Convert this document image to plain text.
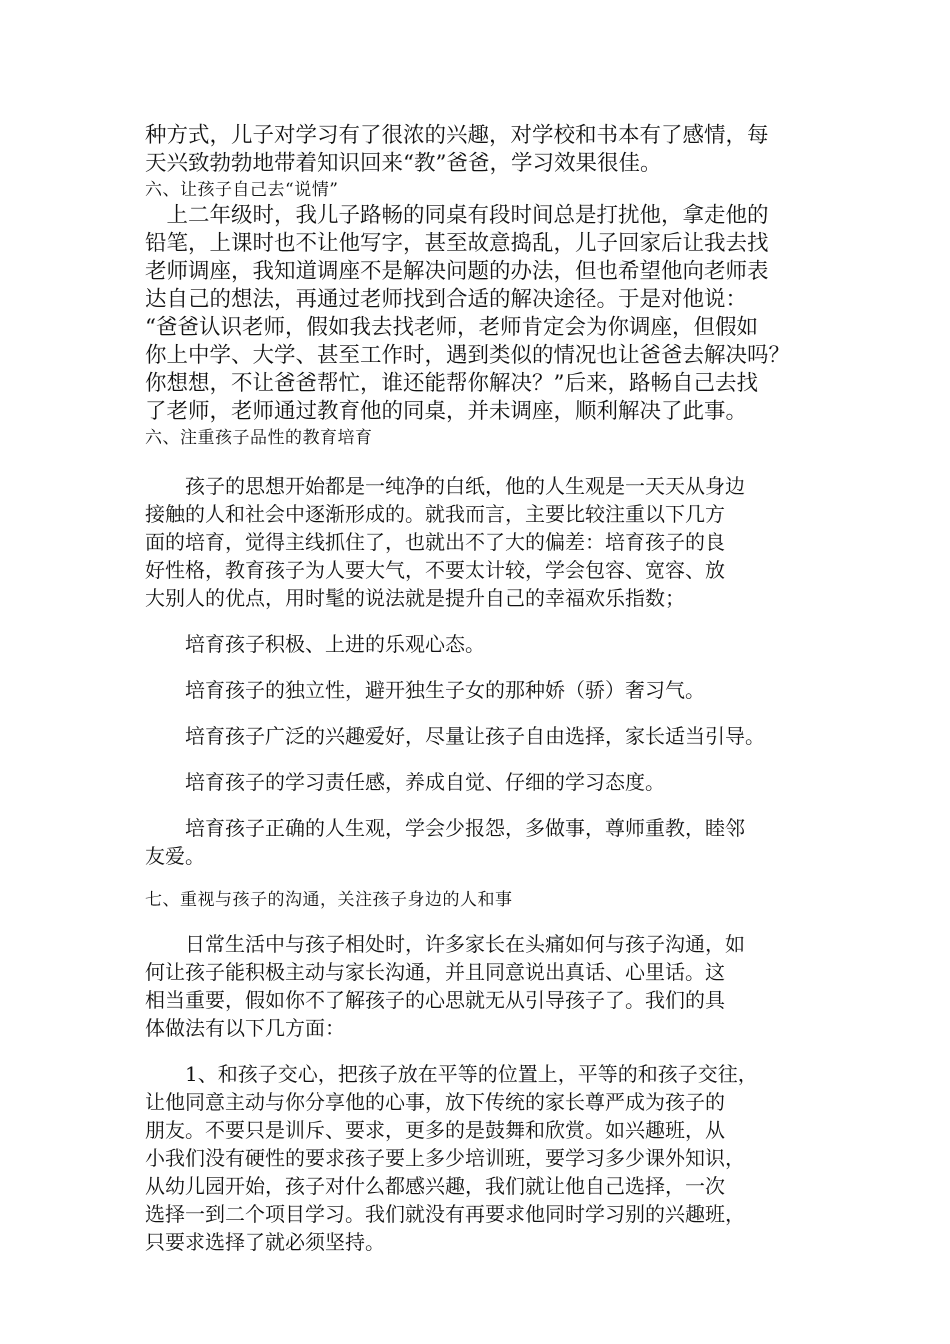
种方式，儿子对学习有了很浓的兴趣，对学校和书本有了感情，每
天兴致勃勃地带着知识回来“教”爸爸，学习效果很佳。
六、让孩子自己去“说情”
　上二年级时，我儿子路畅的同桌有段时间总是打扰他，拿走他的
铅笔，上课时也不让他写字，甚至故意捣乱，儿子回家后让我去找
老师调座，我知道调座不是解决问题的办法，但也希望他向老师表
达自己的想法，再通过老师找到合适的解决途径。于是对他说：
“爸爸认识老师，假如我去找老师，老师肯定会为你调座，但假如
你上中学、大学、甚至工作时，遇到类似的情况也让爸爸去解决吗？
你想想，不让爸爸帮忙，谁还能帮你解决？”后来，路畅自己去找
了老师，老师通过教育他的同桌，并未调座，顺利解决了此事。
六、注重孩子品性的教育培育
　　孩子的思想开始都是一纯净的白纸，他的人生观是一天天从身边
接触的人和社会中逐渐形成的。就我而言，主要比较注重以下几方
面的培育，觉得主线抓住了，也就出不了大的偏差：培育孩子的良
好性格，教育孩子为人要大气，不要太计较，学会包容、宽容、放
大别人的优点，用时髦的说法就是提升自己的幸福欢乐指数；
　　培育孩子积极、上进的乐观心态。
　　培育孩子的独立性，避开独生子女的那种娇（骄）奢习气。
　　培育孩子广泛的兴趣爱好，尽量让孩子自由选择，家长适当引导。
　　培育孩子的学习责任感，养成自觉、仔细的学习态度。
　　培育孩子正确的人生观，学会少报怨，多做事，尊师重教，睦邻
友爱。
七、重视与孩子的沟通，关注孩子身边的人和事
　　日常生活中与孩子相处时，许多家长在头痛如何与孩子沟通，如
何让孩子能积极主动与家长沟通，并且同意说出真话、心里话。这
相当重要，假如你不了解孩子的心思就无从引导孩子了。我们的具
体做法有以下几方面：
　　1、和孩子交心，把孩子放在平等的位置上，平等的和孩子交往，
让他同意主动与你分享他的心事，放下传统的家长尊严成为孩子的
朋友。不要只是训斥、要求，更多的是鼓舞和欣赏。如兴趣班，从
小我们没有硬性的要求孩子要上多少培训班，要学习多少课外知识，
从幼儿园开始，孩子对什么都感兴趣，我们就让他自己选择，一次
选择一到二个项目学习。我们就没有再要求他同时学习别的兴趣班，
只要求选择了就必须坚持。
